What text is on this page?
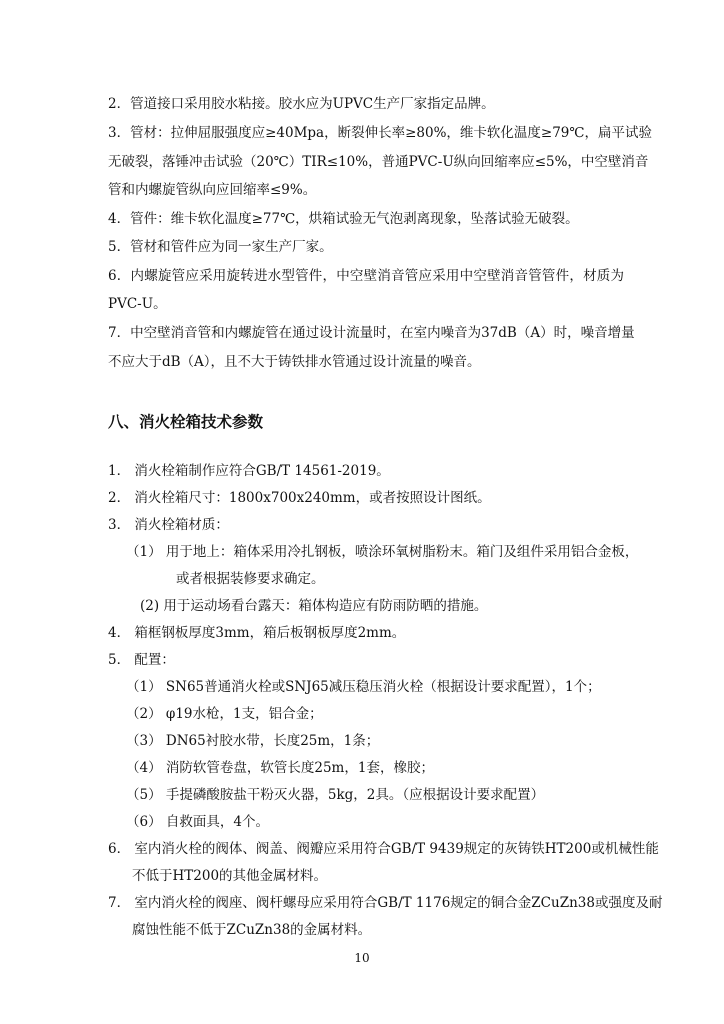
2．管道接口采用胶水粘接。胶水应为UPVC生产厂家指定品牌。
3．管材：拉伸屈服强度应≥40Mpa，断裂伸长率≥80%，维卡软化温度≥79℃，扁平试验
无破裂，落锤冲击试验（20℃）TIR≤10%，普通PVC-U纵向回缩率应≤5%，中空壁消音
管和内螺旋管纵向应回缩率≤9%。
4．管件：维卡软化温度≥77℃，烘箱试验无气泡剥离现象，坠落试验无破裂。
5．管材和管件应为同一家生产厂家。
6．内螺旋管应采用旋转进水型管件，中空壁消音管应采用中空壁消音管管件，材质为
PVC-U。
7．中空壁消音管和内螺旋管在通过设计流量时，在室内噪音为37dB（A）时，噪音增量
不应大于dB（A），且不大于铸铁排水管通过设计流量的噪音。
八、消火栓箱技术参数
1． 消火栓箱制作应符合GB/T 14561-2019。
2． 消火栓箱尺寸：1800x700x240mm，或者按照设计图纸。
3． 消火栓箱材质：
（1） 用于地上：箱体采用冷扎钢板，喷涂环氧树脂粉末。箱门及组件采用铝合金板，
或者根据装修要求确定。
(2) 用于运动场看台露天：箱体构造应有防雨防晒的措施。
4． 箱框钢板厚度3mm，箱后板钢板厚度2mm。
5． 配置：
（1） SN65普通消火栓或SNJ65减压稳压消火栓（根据设计要求配置），1个；
（2） φ19水枪，1支，铝合金；
（3） DN65衬胶水带，长度25m，1条；
（4） 消防软管卷盘，软管长度25m，1套，橡胶；
（5） 手提磷酸胺盐干粉灭火器，5kg，2具。（应根据设计要求配置）
（6） 自救面具，4个。
6． 室内消火栓的阀体、阀盖、阀瓣应采用符合GB/T 9439规定的灰铸铁HT200或机械性能
不低于HT200的其他金属材料。
7． 室内消火栓的阀座、阀杆螺母应采用符合GB/T 1176规定的铜合金ZCuZn38或强度及耐
腐蚀性能不低于ZCuZn38的金属材料。
10
